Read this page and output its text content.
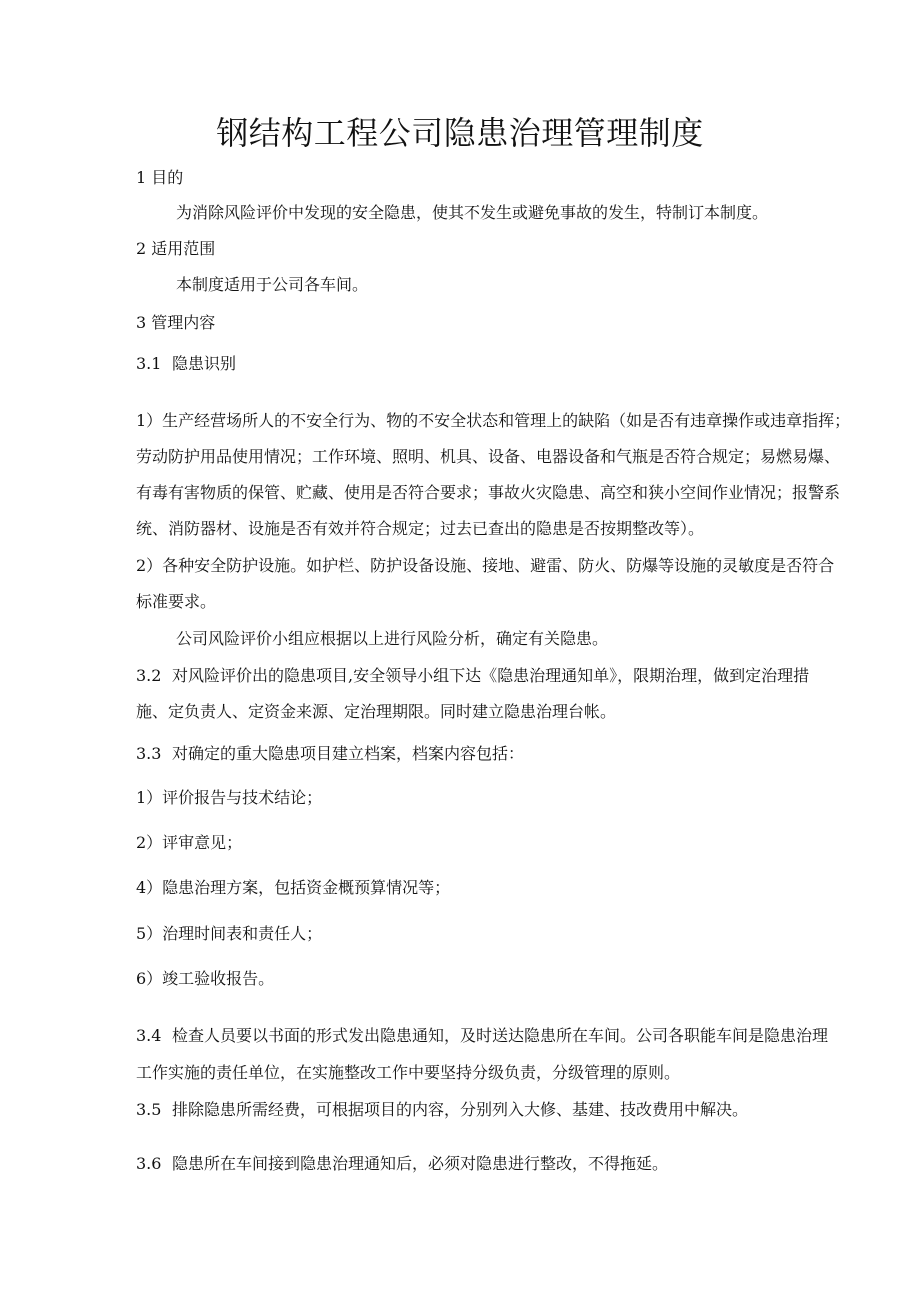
钢结构工程公司隐患治理管理制度

1 目的

为消除风险评价中发现的安全隐患，使其不发生或避免事故的发生，特制订本制度。

2 适用范围

本制度适用于公司各车间。

3 管理内容

3.1 隐患识别

1）生产经营场所人的不安全行为、物的不安全状态和管理上的缺陷（如是否有违章操作或违章指挥；

劳动防护用品使用情况；工作环境、照明、机具、设备、电器设备和气瓶是否符合规定；易燃易爆、

有毒有害物质的保管、贮藏、使用是否符合要求；事故火灾隐患、高空和狭小空间作业情况；报警系

统、消防器材、设施是否有效并符合规定；过去已查出的隐患是否按期整改等）。

2）各种安全防护设施。如护栏、防护设备设施、接地、避雷、防火、防爆等设施的灵敏度是否符合

标准要求。

公司风险评价小组应根据以上进行风险分析，确定有关隐患。

3.2 对风险评价出的隐患项目,安全领导小组下达《隐患治理通知单》，限期治理，做到定治理措

施、定负责人、定资金来源、定治理期限。同时建立隐患治理台帐。

3.3 对确定的重大隐患项目建立档案，档案内容包括：

1）评价报告与技术结论；

2）评审意见；

4）隐患治理方案，包括资金概预算情况等；

5）治理时间表和责任人；

6）竣工验收报告。

3.4 检查人员要以书面的形式发出隐患通知，及时送达隐患所在车间。公司各职能车间是隐患治理

工作实施的责任单位，在实施整改工作中要坚持分级负责，分级管理的原则。

3.5 排除隐患所需经费，可根据项目的内容，分别列入大修、基建、技改费用中解决。

3.6 隐患所在车间接到隐患治理通知后，必须对隐患进行整改，不得拖延。
